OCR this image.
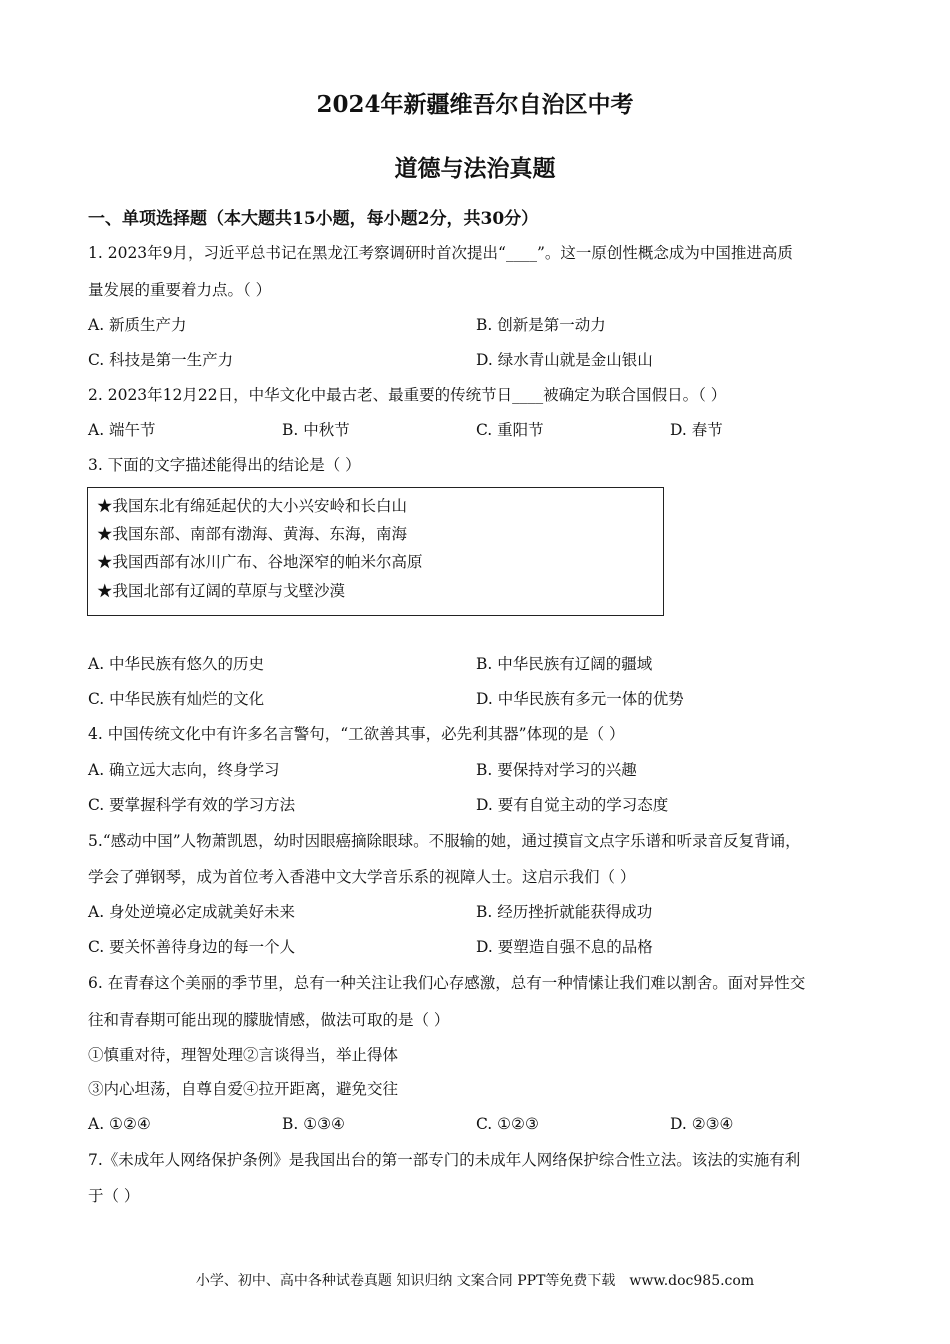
2024年新疆维吾尔自治区中考
道德与法治真题
一、单项选择题（本大题共15小题，每小题2分，共30分）
1. 2023年9月，习近平总书记在黑龙江考察调研时首次提出“____”。这一原创性概念成为中国推进高质
量发展的重要着力点。（ ）
A. 新质生产力	B. 创新是第一动力
C. 科技是第一生产力	D. 绿水青山就是金山银山
2. 2023年12月22日，中华文化中最古老、最重要的传统节日____被确定为联合国假日。（ ）
A. 端午节	B. 中秋节	C. 重阳节	D. 春节
3. 下面的文字描述能得出的结论是（ ）
★我国东北有绵延起伏的大小兴安岭和长白山
★我国东部、南部有渤海、黄海、东海，南海
★我国西部有冰川广布、谷地深窄的帕米尔高原
★我国北部有辽阔的草原与戈壁沙漠
A. 中华民族有悠久的历史	B. 中华民族有辽阔的疆域
C. 中华民族有灿烂的文化	D. 中华民族有多元一体的优势
4. 中国传统文化中有许多名言警句，“工欲善其事，必先利其器”体现的是（ ）
A. 确立远大志向，终身学习	B. 要保持对学习的兴趣
C. 要掌握科学有效的学习方法	D. 要有自觉主动的学习态度
5.“感动中国”人物萧凯恩，幼时因眼癌摘除眼球。不服输的她，通过摸盲文点字乐谱和听录音反复背诵，
学会了弹钢琴，成为首位考入香港中文大学音乐系的视障人士。这启示我们（ ）
A. 身处逆境必定成就美好未来	B. 经历挫折就能获得成功
C. 要关怀善待身边的每一个人	D. 要塑造自强不息的品格
6. 在青春这个美丽的季节里，总有一种关注让我们心存感激，总有一种情愫让我们难以割舍。面对异性交
往和青春期可能出现的朦胧情感，做法可取的是（ ）
①慎重对待，理智处理②言谈得当，举止得体
③内心坦荡，自尊自爱④拉开距离，避免交往
A. ①②④	B. ①③④	C. ①②③	D. ②③④
7.《未成年人网络保护条例》是我国出台的第一部专门的未成年人网络保护综合性立法。该法的实施有利
于（ ）
小学、初中、高中各种试卷真题 知识归纳 文案合同 PPT等免费下载　www.doc985.com
